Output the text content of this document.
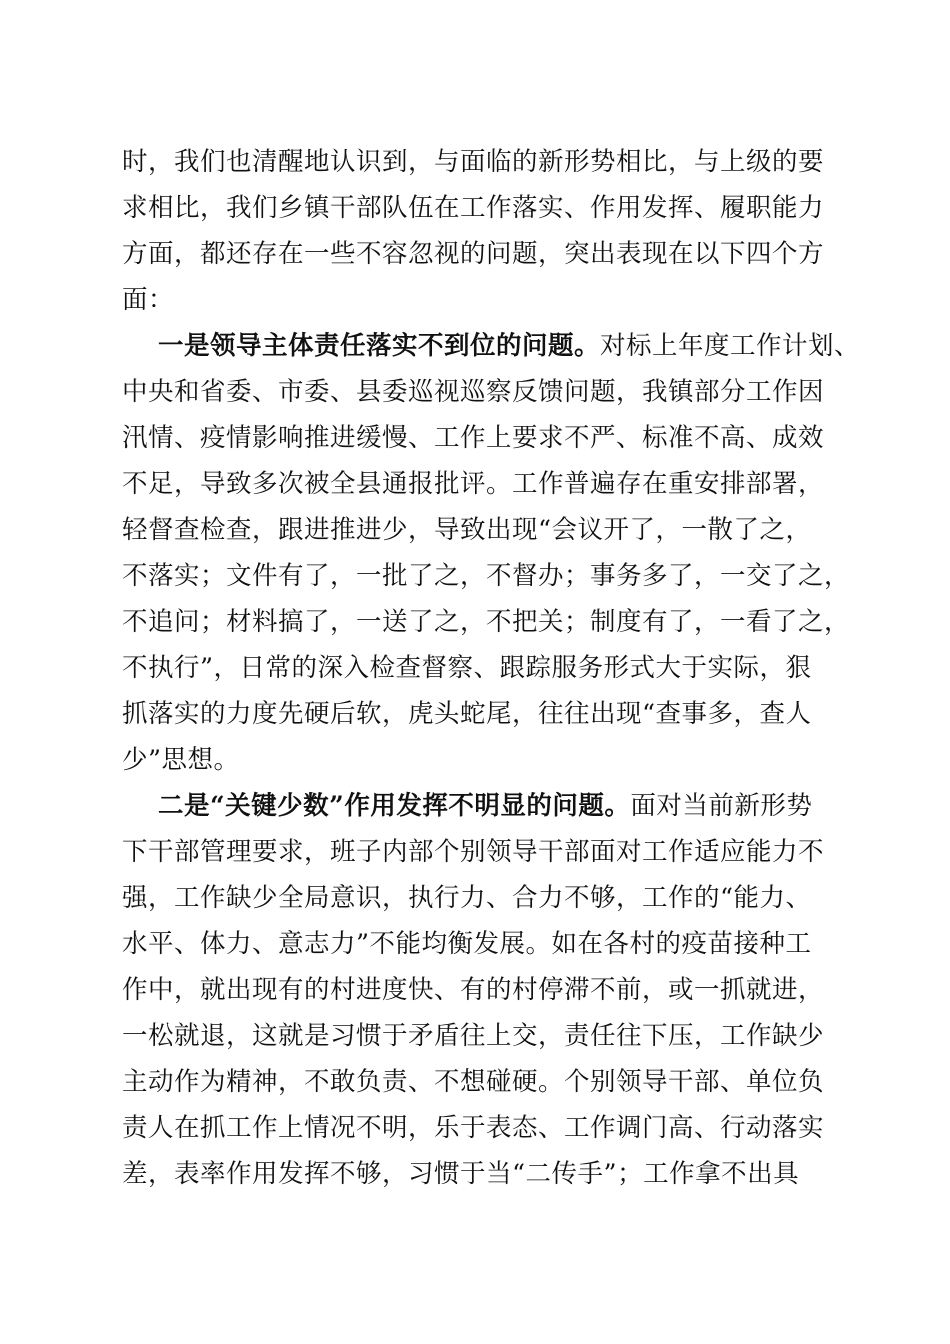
时，我们也清醒地认识到，与面临的新形势相比，与上级的要
求相比，我们乡镇干部队伍在工作落实、作用发挥、履职能力
方面，都还存在一些不容忽视的问题，突出表现在以下四个方
面：
一是领导主体责任落实不到位的问题。对标上年度工作计划、
中央和省委、市委、县委巡视巡察反馈问题，我镇部分工作因
汛情、疫情影响推进缓慢、工作上要求不严、标准不高、成效
不足，导致多次被全县通报批评。工作普遍存在重安排部署，
轻督查检查，跟进推进少，导致出现“会议开了，一散了之，
不落实；文件有了，一批了之，不督办；事务多了，一交了之，
不追问；材料搞了，一送了之，不把关；制度有了，一看了之，
不执行”，日常的深入检查督察、跟踪服务形式大于实际，狠
抓落实的力度先硬后软，虎头蛇尾，往往出现“查事多，查人
少”思想。
二是“关键少数”作用发挥不明显的问题。面对当前新形势
下干部管理要求，班子内部个别领导干部面对工作适应能力不
强，工作缺少全局意识，执行力、合力不够，工作的“能力、
水平、体力、意志力”不能均衡发展。如在各村的疫苗接种工
作中，就出现有的村进度快、有的村停滞不前，或一抓就进，
一松就退，这就是习惯于矛盾往上交，责任往下压，工作缺少
主动作为精神，不敢负责、不想碰硬。个别领导干部、单位负
责人在抓工作上情况不明，乐于表态、工作调门高、行动落实
差，表率作用发挥不够，习惯于当“二传手”；工作拿不出具
